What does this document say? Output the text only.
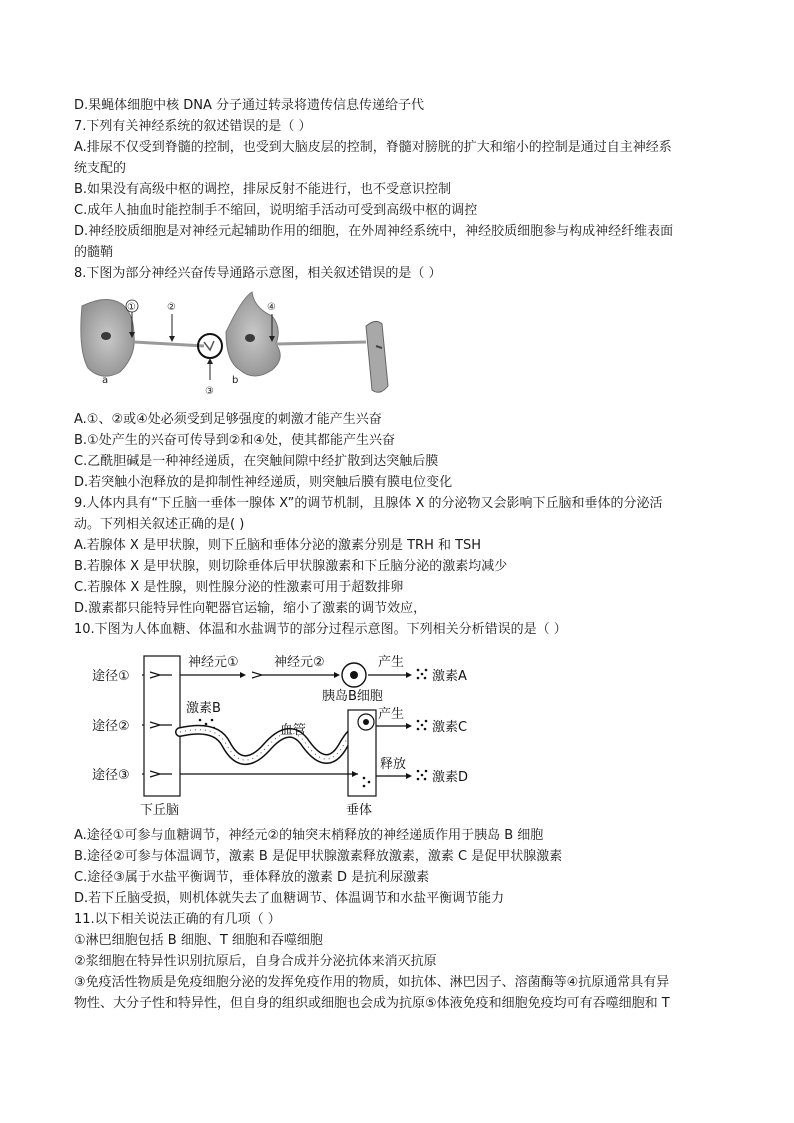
D.果蝇体细胞中核 DNA 分子通过转录将遗传信息传递给子代
7.下列有关神经系统的叙述错误的是（ ）
A.排尿不仅受到脊髓的控制，也受到大脑皮层的控制，脊髓对膀胱的扩大和缩小的控制是通过自主神经系
统支配的
B.如果没有高级中枢的调控，排尿反射不能进行，也不受意识控制
C.成年人抽血时能控制手不缩回，说明缩手活动可受到高级中枢的调控
D.神经胶质细胞是对神经元起辅助作用的细胞，在外周神经系统中，神经胶质细胞参与构成神经纤维表面
的髓鞘
8.下图为部分神经兴奋传导通路示意图，相关叙述错误的是（ ）
a	b
①	②
③
④
A.①、②或④处必须受到足够强度的刺激才能产生兴奋
B.①处产生的兴奋可传导到②和④处，使其都能产生兴奋
C.乙酰胆碱是一种神经递质，在突触间隙中经扩散到达突触后膜
D.若突触小泡释放的是抑制性神经递质，则突触后膜有膜电位变化
9.人体内具有“下丘脑一垂体一腺体 X”的调节机制，且腺体 X 的分泌物又会影响下丘脑和垂体的分泌活
动。下列相关叙述正确的是( )
A.若腺体 X 是甲状腺，则下丘脑和垂体分泌的激素分别是 TRH 和 TSH
B.若腺体 X 是甲状腺，则切除垂体后甲状腺激素和下丘脑分泌的激素均减少
C.若腺体 X 是性腺，则性腺分泌的性激素可用于超数排卵
D.激素都只能特异性向靶器官运输，缩小了激素的调节效应，
10.下图为人体血糖、体温和水盐调节的部分过程示意图。下列相关分析错误的是（ ）
途径①
途径②
途径③
下丘脑
神经元①	神经元②
胰岛B细胞
产生
激素A
激素B
血管
垂体
产生
激素C
释放
激素D
A.途径①可参与血糖调节，神经元②的轴突末梢释放的神经递质作用于胰岛 B 细胞
B.途径②可参与体温调节，激素 B 是促甲状腺激素释放激素，激素 C 是促甲状腺激素
C.途径③属于水盐平衡调节，垂体释放的激素 D 是抗利尿激素
D.若下丘脑受损，则机体就失去了血糖调节、体温调节和水盐平衡调节能力
11.以下相关说法正确的有几项（ ）
①淋巴细胞包括 B 细胞、T 细胞和吞噬细胞
②浆细胞在特异性识别抗原后，自身合成并分泌抗体来消灭抗原
③免疫活性物质是免疫细胞分泌的发挥免疫作用的物质，如抗体、淋巴因子、溶菌酶等④抗原通常具有异
物性、大分子性和特异性，但自身的组织或细胞也会成为抗原⑤体液免疫和细胞免疫均可有吞噬细胞和 T
